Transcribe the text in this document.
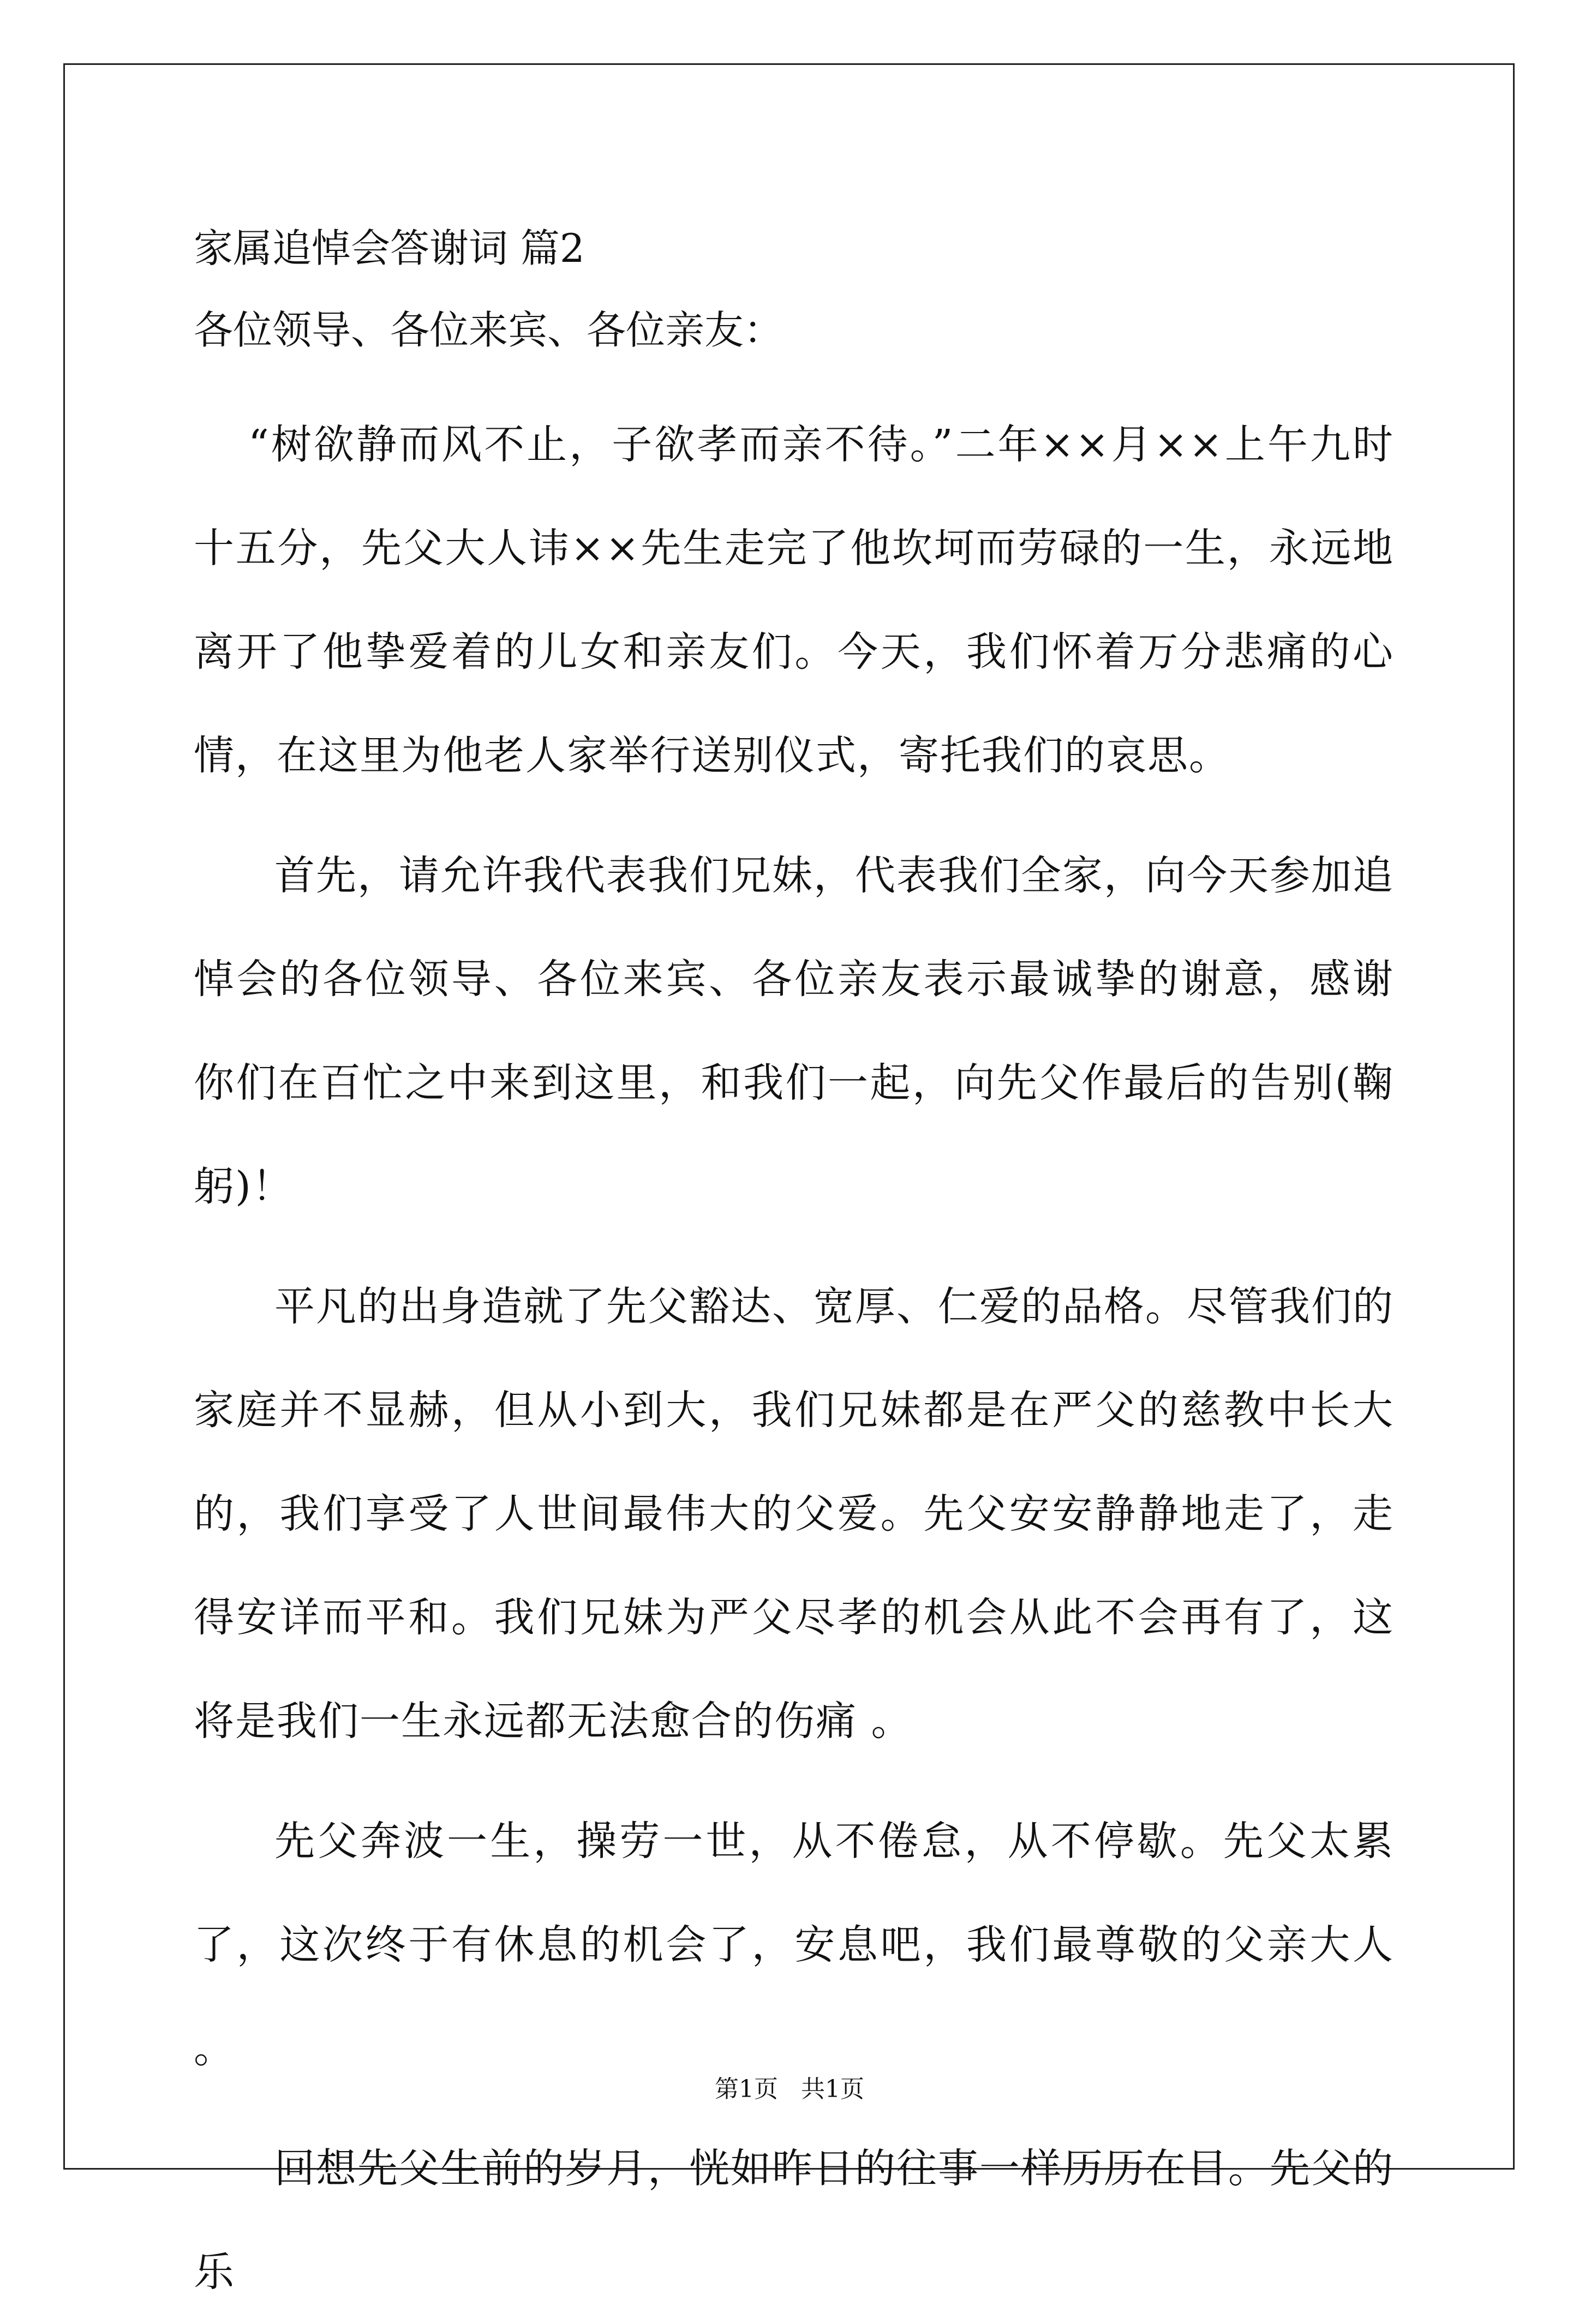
家属追悼会答谢词 篇2

各位领导、各位来宾、各位亲友：

“树欲静而风不止，子欲孝而亲不待。”二年××月××上午九时十五分，先父大人讳××先生走完了他坎坷而劳碌的一生，永远地离开了他挚爱着的儿女和亲友们。今天，我们怀着万分悲痛的心情，在这里为他老人家举行送别仪式，寄托我们的哀思。

首先，请允许我代表我们兄妹，代表我们全家，向今天参加追悼会的各位领导、各位来宾、各位亲友表示最诚挚的谢意，感谢你们在百忙之中来到这里，和我们一起，向先父作最后的告别(鞠躬)！

平凡的出身造就了先父豁达、宽厚、仁爱的品格。尽管我们的家庭并不显赫，但从小到大，我们兄妹都是在严父的慈教中长大的，我们享受了人世间最伟大的父爱。先父安安静静地走了，走得安详而平和。我们兄妹为严父尽孝的机会从此不会再有了，这将是我们一生永远都无法愈合的伤痛 。

先父奔波一生，操劳一世，从不倦怠，从不停歇。先父太累了，这次终于有休息的机会了，安息吧，我们最尊敬的父亲大人 。

回想先父生前的岁月，恍如昨日的往事一样历历在目。先父的乐

第1页   共1页
